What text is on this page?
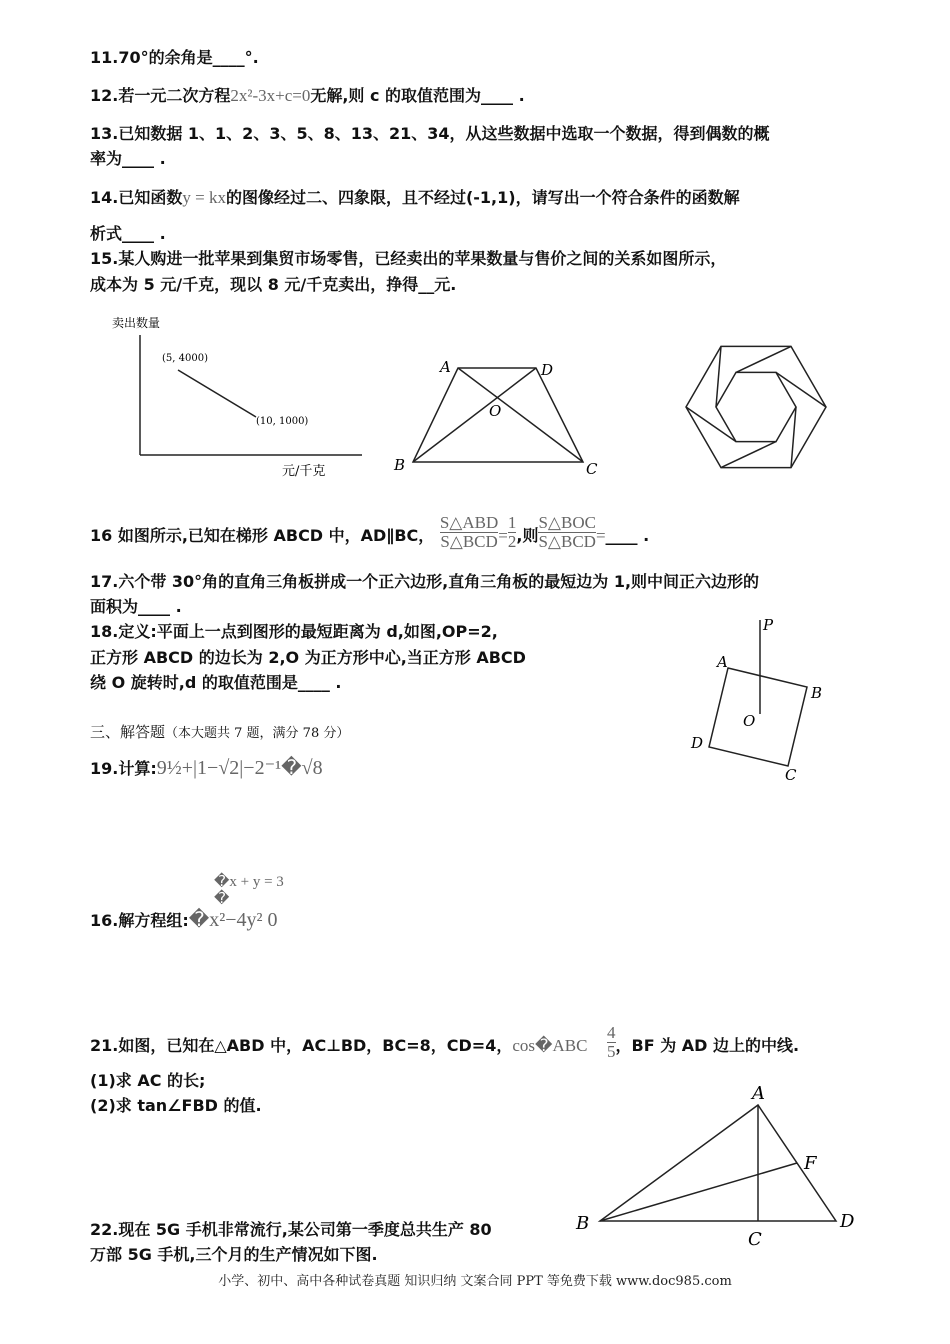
11.70°的余角是____°.
12.若一元二次方程2x²-3x+c=0无解,则 c 的取值范围为____ .
13.已知数据 1、1、2、3、5、8、13、21、34，从这些数据中选取一个数据，得到偶数的概
率为____ .
14.已知函数y = kx的图像经过二、四象限，且不经过(-1,1)，请写出一个符合条件的函数解
析式____ .
15.某人购进一批苹果到集贸市场零售，已经卖出的苹果数量与售价之间的关系如图所示，
成本为 5 元/千克，现以 8 元/千克卖出，挣得__元.
卖出数量
(5, 4000)
(10, 1000)
元/千克
A	D
O
B	C
16 如图所示,已知在梯形 ABCD 中，AD∥BC， $\frac{\text{S△ABD}}{\text{S△BCD}} = \frac{1}{2}$ ,则 $\frac{\text{S△BOC}}{\text{S△BCD}}$ =____ .
17.六个带 30°角的直角三角板拼成一个正六边形,直角三角板的最短边为 1,则中间正六边形的
面积为____ .
18.定义:平面上一点到图形的最短距离为 d,如图,OP=2,
正方形 ABCD 的边长为 2,O 为正方形中心,当正方形 ABCD
绕 O 旋转时,d 的取值范围是____ .
P
A
B
O
D
C
三、解答题（本大题共 7 题，满分 78 分）
19.计算:9½+|1−√2|−2⁻¹�√8
�x + y = 3
�
16.解方程组:�x²−4y² 0
21.如图，已知在△ABD 中，AC⊥BD，BC=8，CD=4，cos�ABC $\frac{4}{5}$ ，BF 为 AD 边上的中线.
(1)求 AC 的长;
(2)求 tan∠FBD 的值.
A
F
B	D
C
22.现在 5G 手机非常流行,某公司第一季度总共生产 80
万部 5G 手机,三个月的生产情况如下图.
小学、初中、高中各种试卷真题 知识归纳 文案合同 PPT 等免费下载 www.doc985.com
